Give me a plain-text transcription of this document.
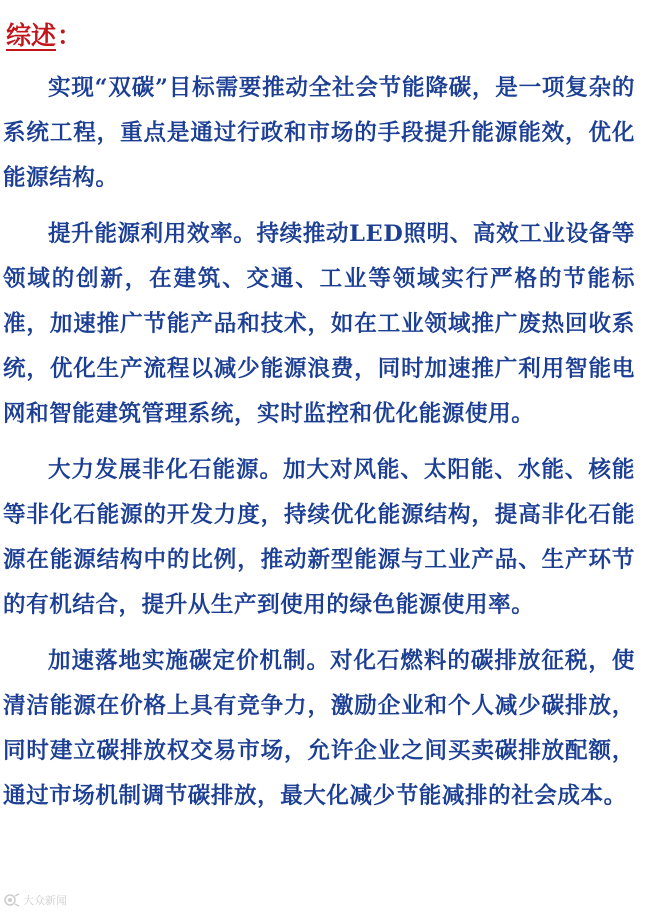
综述 ：

实现“双碳”目标需要推动全社会节能降碳，是一项复杂的系统工程，重点是通过行政和市场的手段提升能源能效，优化能源结构。

提升能源利用效率。持续推动LED照明、高效工业设备等领域的创新，在建筑、交通、工业等领域实行严格的节能标准，加速推广节能产品和技术，如在工业领域推广废热回收系统，优化生产流程以减少能源浪费，同时加速推广利用智能电网和智能建筑管理系统，实时监控和优化能源使用。

大力发展非化石能源。加大对风能、太阳能、水能、核能等非化石能源的开发力度，持续优化能源结构，提高非化石能源在能源结构中的比例，推动新型能源与工业产品、生产环节的有机结合，提升从生产到使用的绿色能源使用率。

加速落地实施碳定价机制。对化石燃料的碳排放征税，使清洁能源在价格上具有竞争力，激励企业和个人减少碳排放，同时建立碳排放权交易市场，允许企业之间买卖碳排放配额，通过市场机制调节碳排放，最大化减少节能减排的社会成本。

大众新闻
